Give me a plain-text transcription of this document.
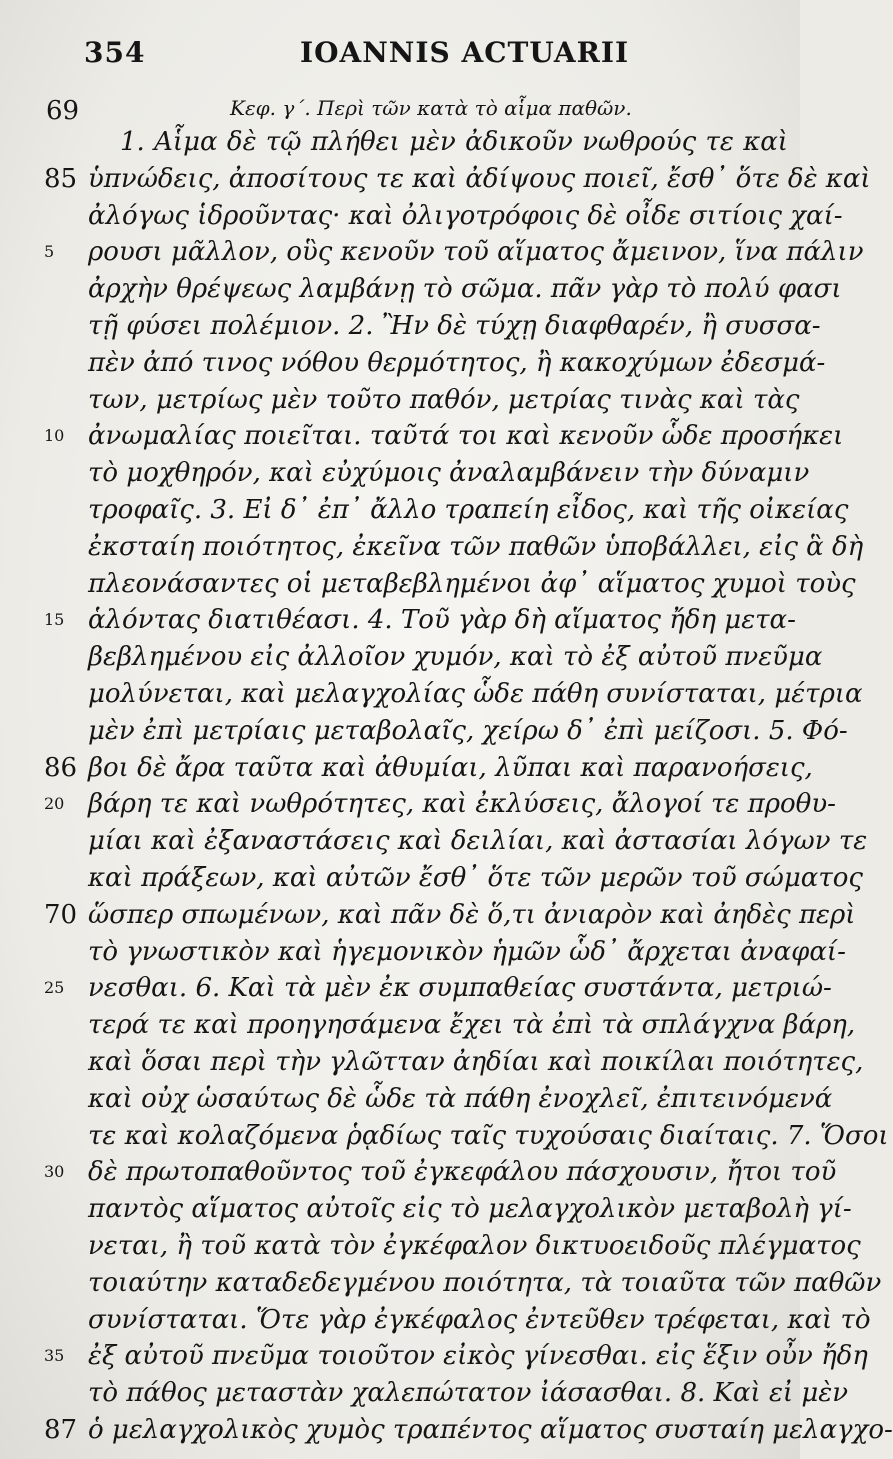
354	IOANNIS ACTUARII
69	Κεφ. γ΄. Περὶ τῶν κατὰ τὸ αἷμα παθῶν.
1. Αἷμα δὲ τῷ πλήθει μὲν ἀδικοῦν νωθρούς τε καὶ
85 ὑπνώδεις, ἀποσίτους τε καὶ ἀδίψους ποιεῖ, ἔσθ᾽ ὅτε δὲ καὶ
ἀλόγως ἱδροῦντας· καὶ ὀλιγοτρόφοις δὲ οἶδε σιτίοις χαί-
5	ρουσι μᾶλλον, οὓς κενοῦν τοῦ αἵματος ἄμεινον, ἵνα πάλιν
ἀρχὴν θρέψεως λαμβάνῃ τὸ σῶμα. πᾶν γὰρ τὸ πολύ φασι
τῇ φύσει πολέμιον. 2. Ἢν δὲ τύχῃ διαφθαρέν, ἢ συσσα-
πὲν ἀπό τινος νόθου θερμότητος, ἢ κακοχύμων ἐδεσμά-
των, μετρίως μὲν τοῦτο παθόν, μετρίας τινὰς καὶ τὰς
10 ἀνωμαλίας ποιεῖται. ταῦτά τοι καὶ κενοῦν ὧδε προσήκει
τὸ μοχθηρόν, καὶ εὐχύμοις ἀναλαμβάνειν τὴν δύναμιν
τροφαῖς. 3. Εἰ δ᾽ ἐπ᾽ ἄλλο τραπείη εἶδος, καὶ τῆς οἰκείας
ἐκσταίη ποιότητος, ἐκεῖνα τῶν παθῶν ὑποβάλλει, εἰς ἃ δὴ
πλεονάσαντες οἱ μεταβεβλημένοι ἀφ᾽ αἵματος χυμοὶ τοὺς
15 ἁλόντας διατιθέασι. 4. Τοῦ γὰρ δὴ αἵματος ἤδη μετα-
βεβλημένου εἰς ἀλλοῖον χυμόν, καὶ τὸ ἐξ αὐτοῦ πνεῦμα
μολύνεται, καὶ μελαγχολίας ὧδε πάθη συνίσταται, μέτρια
μὲν ἐπὶ μετρίαις μεταβολαῖς, χείρω δ᾽ ἐπὶ μείζοσι. 5. Φό-
86 βοι δὲ ἄρα ταῦτα καὶ ἀθυμίαι, λῦπαι καὶ παρανοήσεις,
20 βάρη τε καὶ νωθρότητες, καὶ ἐκλύσεις, ἄλογοί τε προθυ-
μίαι καὶ ἐξαναστάσεις καὶ δειλίαι, καὶ ἀστασίαι λόγων τε
καὶ πράξεων, καὶ αὐτῶν ἔσθ᾽ ὅτε τῶν μερῶν τοῦ σώματος
70 ὥσπερ σπωμένων, καὶ πᾶν δὲ ὅ,τι ἀνιαρὸν καὶ ἀηδὲς περὶ
τὸ γνωστικὸν καὶ ἡγεμονικὸν ἡμῶν ὧδ᾽ ἄρχεται ἀναφαί-
25 νεσθαι. 6. Καὶ τὰ μὲν ἐκ συμπαθείας συστάντα, μετριώ-
τερά τε καὶ προηγησάμενα ἔχει τὰ ἐπὶ τὰ σπλάγχνα βάρη,
καὶ ὅσαι περὶ τὴν γλῶτταν ἀηδίαι καὶ ποικίλαι ποιότητες,
καὶ οὐχ ὡσαύτως δὲ ὧδε τὰ πάθη ἐνοχλεῖ, ἐπιτεινόμενά
τε καὶ κολαζόμενα ῥᾳδίως ταῖς τυχούσαις διαίταις. 7. Ὅσοι
30 δὲ πρωτοπαθοῦντος τοῦ ἐγκεφάλου πάσχουσιν, ἤτοι τοῦ
παντὸς αἵματος αὐτοῖς εἰς τὸ μελαγχολικὸν μεταβολὴ γί-
νεται, ἢ τοῦ κατὰ τὸν ἐγκέφαλον δικτυοειδοῦς πλέγματος
τοιαύτην καταδεδεγμένου ποιότητα, τὰ τοιαῦτα τῶν παθῶν
συνίσταται. Ὅτε γὰρ ἐγκέφαλος ἐντεῦθεν τρέφεται, καὶ τὸ
35 ἐξ αὐτοῦ πνεῦμα τοιοῦτον εἰκὸς γίνεσθαι. εἰς ἕξιν οὖν ἤδη
τὸ πάθος μεταστὰν χαλεπώτατον ἰάσασθαι. 8. Καὶ εἰ μὲν
87 ὁ μελαγχολικὸς χυμὸς τραπέντος αἵματος συσταίη μελαγχο-
